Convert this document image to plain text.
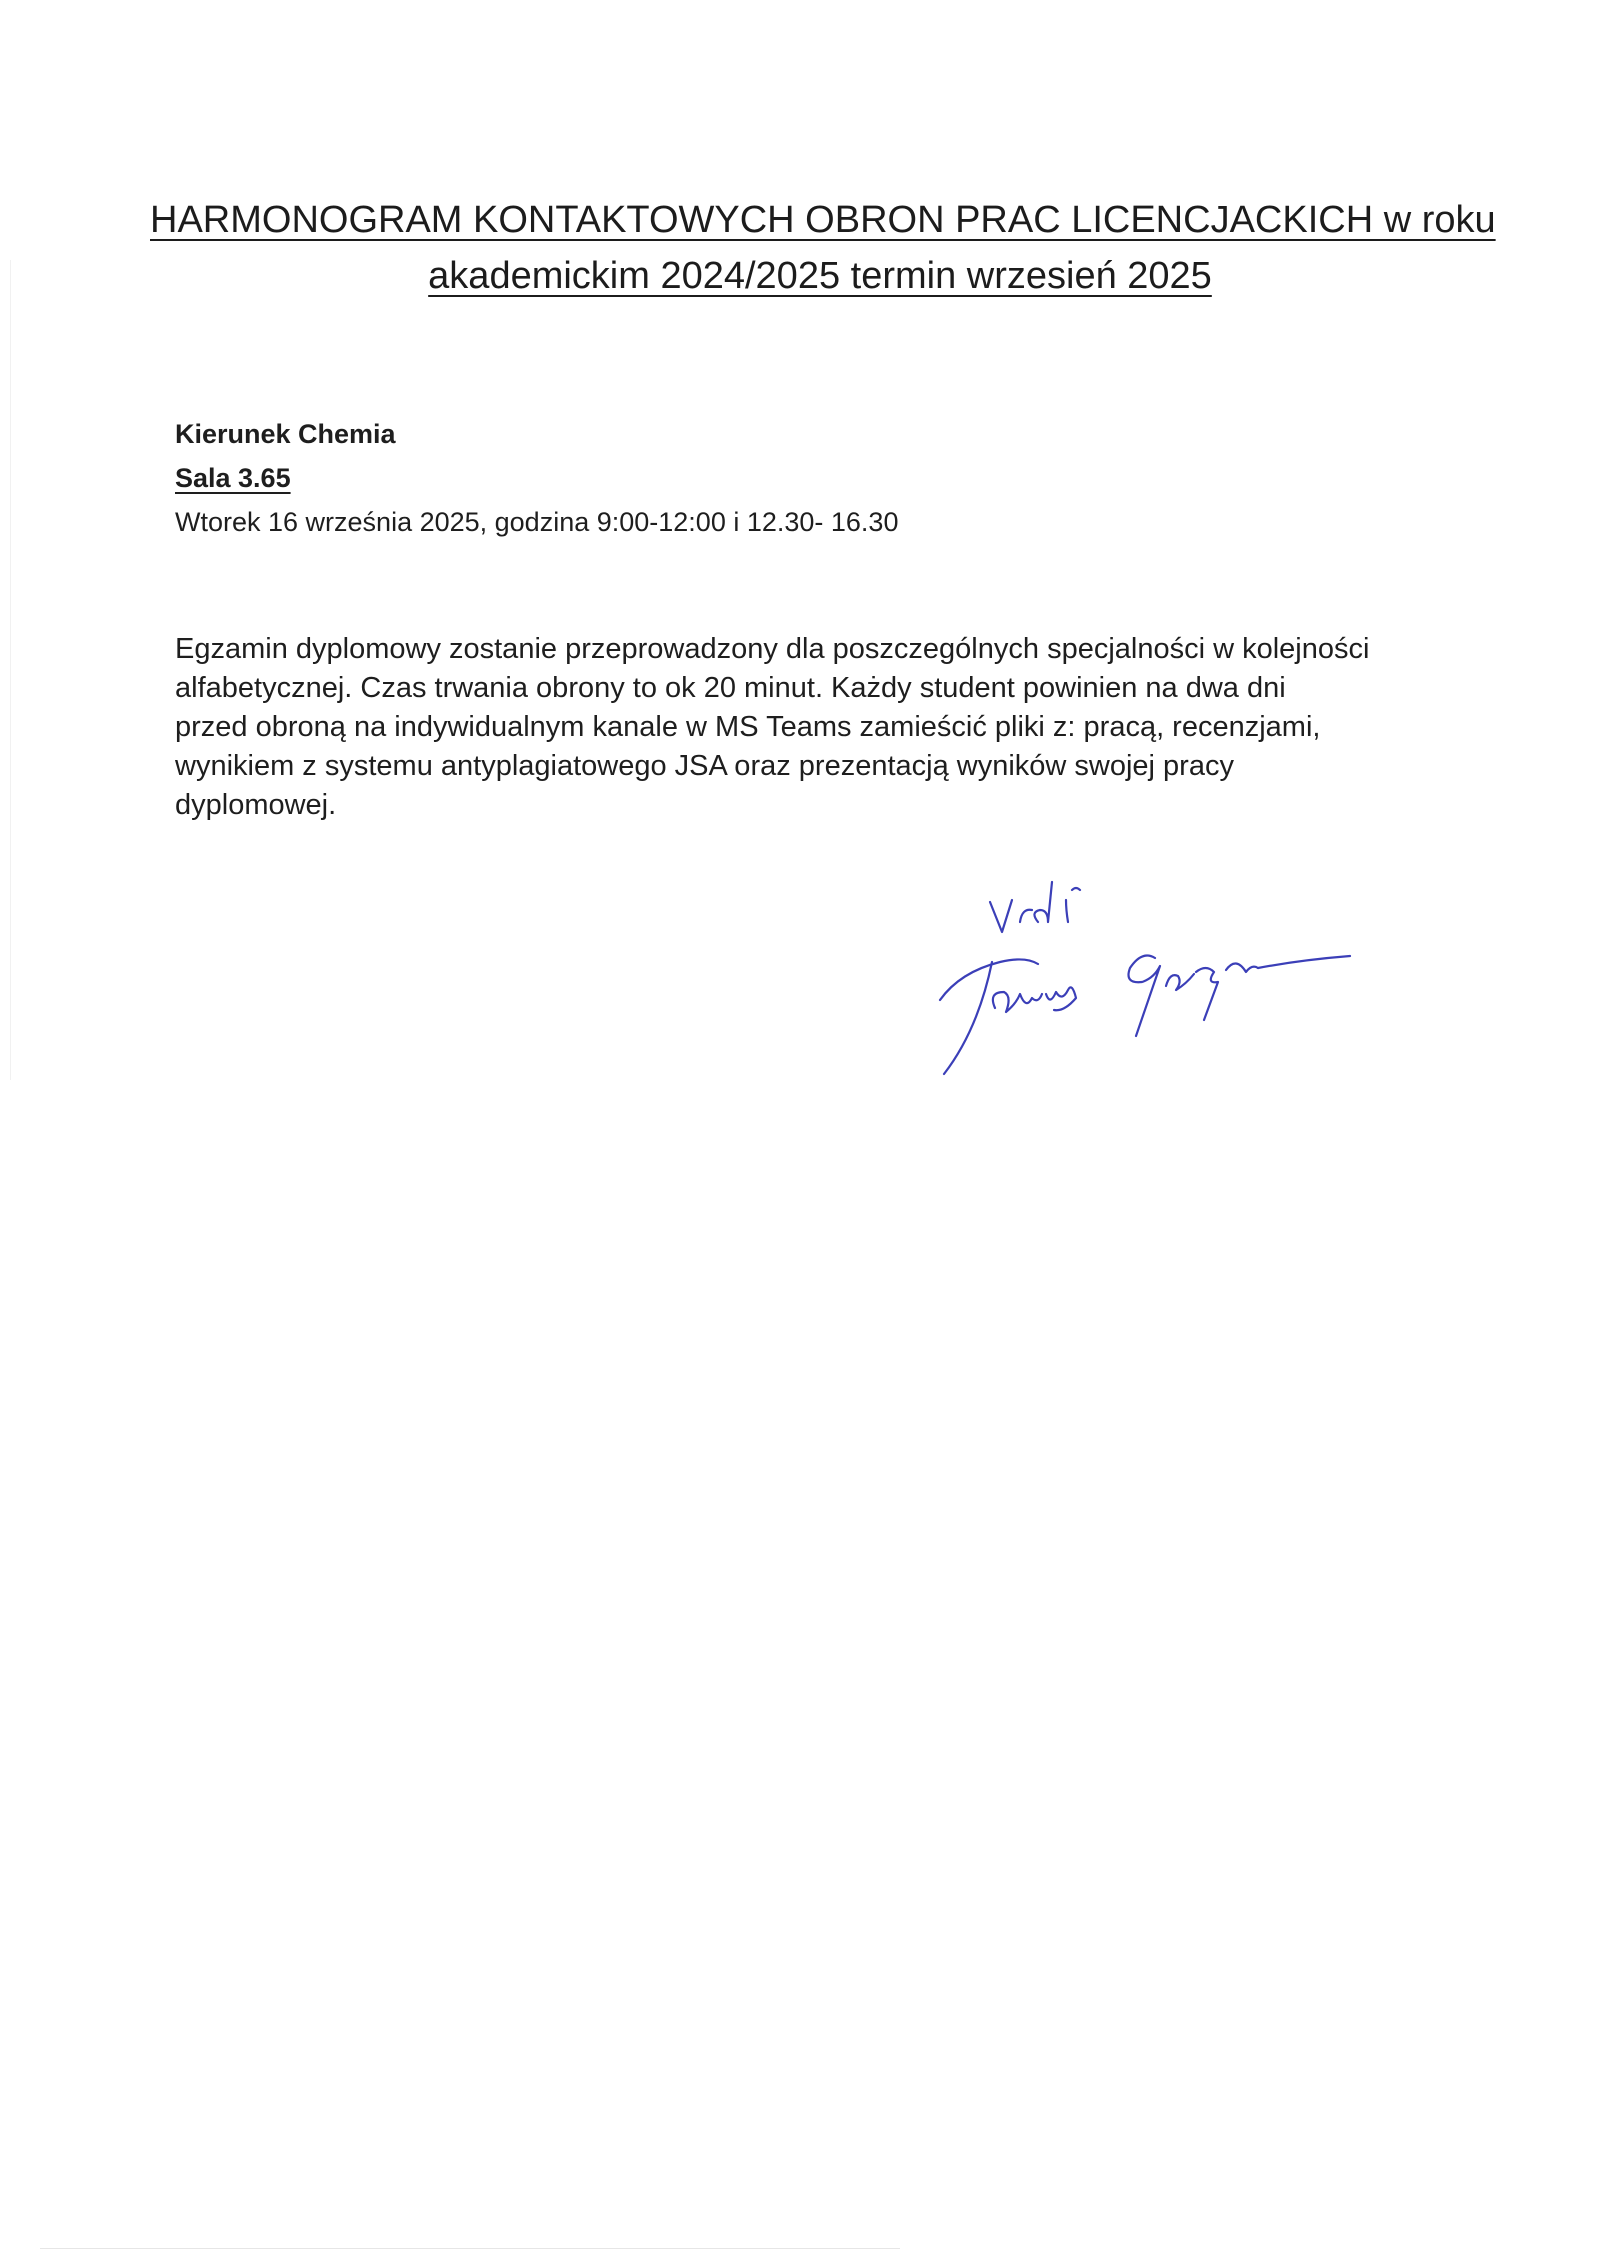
HARMONOGRAM KONTAKTOWYCH OBRON PRAC LICENCJACKICH w roku
akademickim 2024/2025 termin wrzesień 2025
Kierunek Chemia
Sala 3.65
Wtorek 16 września 2025, godzina 9:00-12:00 i 12.30- 16.30

Egzamin dyplomowy zostanie przeprowadzony dla poszczególnych specjalności w kolejności

alfabetycznej. Czas trwania obrony to ok 20 minut. Każdy student powinien na dwa dni

przed obroną na indywidualnym kanale w MS Teams zamieścić pliki z: pracą, recenzjami,

wynikiem z systemu antyplagiatowego JSA oraz prezentacją wyników swojej pracy

dyplomowej.
